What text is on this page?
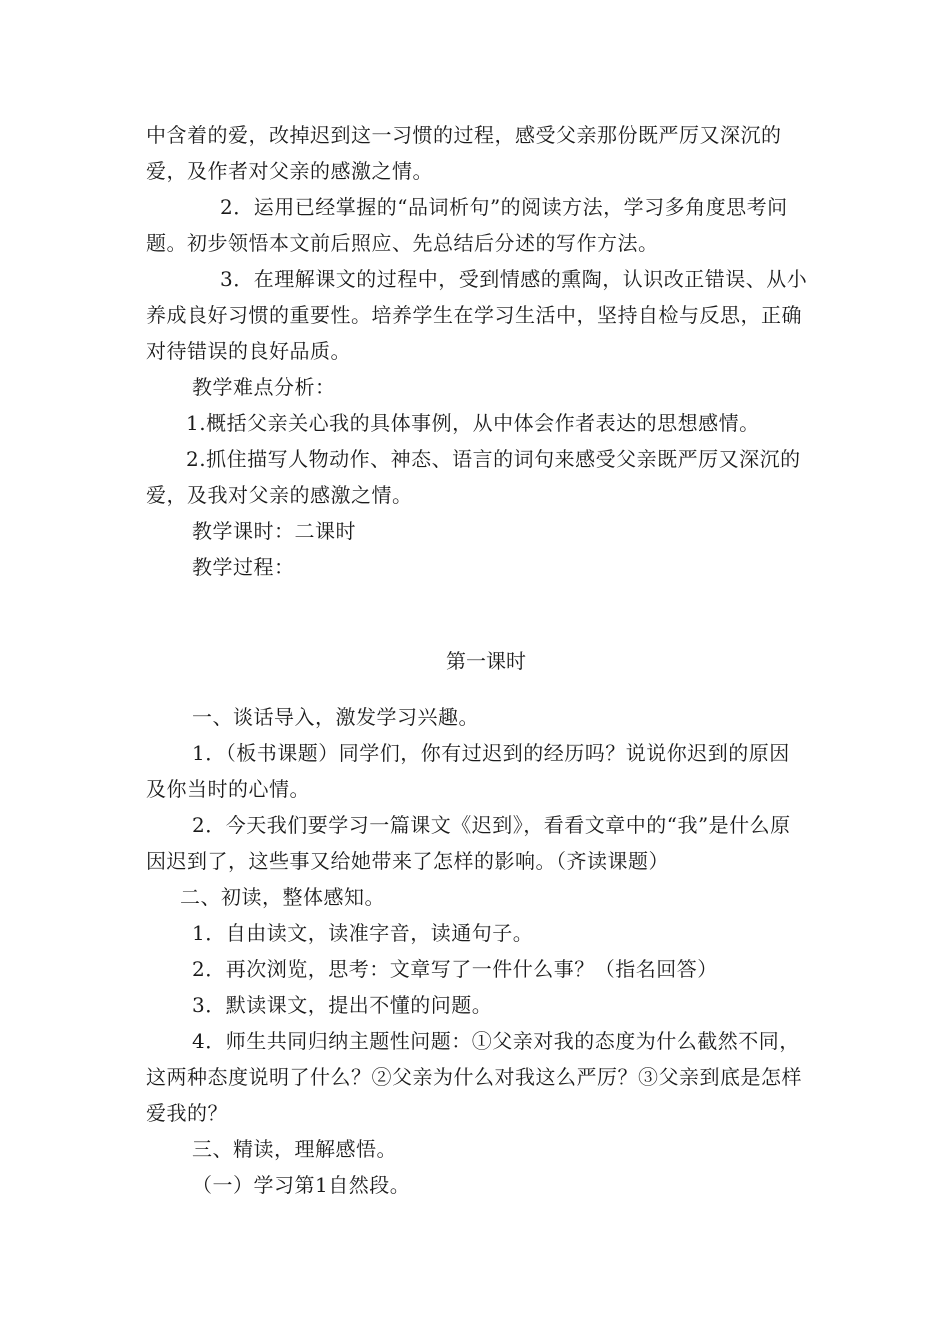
中含着的爱，改掉迟到这一习惯的过程，感受父亲那份既严厉又深沉的爱，及作者对父亲的感激之情。

2．运用已经掌握的“品词析句”的阅读方法，学习多角度思考问题。初步领悟本文前后照应、先总结后分述的写作方法。

3．在理解课文的过程中，受到情感的熏陶，认识改正错误、从小养成良好习惯的重要性。培养学生在学习生活中，坚持自检与反思，正确对待错误的良好品质。

教学难点分析：

1.概括父亲关心我的具体事例，从中体会作者表达的思想感情。

2.抓住描写人物动作、神态、语言的词句来感受父亲既严厉又深沉的爱，及我对父亲的感激之情。

教学课时：二课时

教学过程：

第一课时

一、谈话导入，激发学习兴趣。

1．（板书课题）同学们，你有过迟到的经历吗？说说你迟到的原因及你当时的心情。

2．今天我们要学习一篇课文《迟到》，看看文章中的“我”是什么原因迟到了，这些事又给她带来了怎样的影响。（齐读课题）

二、初读，整体感知。

1．自由读文，读准字音，读通句子。

2．再次浏览，思考：文章写了一件什么事？（指名回答）

3．默读课文，提出不懂的问题。

4．师生共同归纳主题性问题：①父亲对我的态度为什么截然不同，这两种态度说明了什么？②父亲为什么对我这么严厉？③父亲到底是怎样爱我的？

三、精读，理解感悟。

（一）学习第1自然段。
